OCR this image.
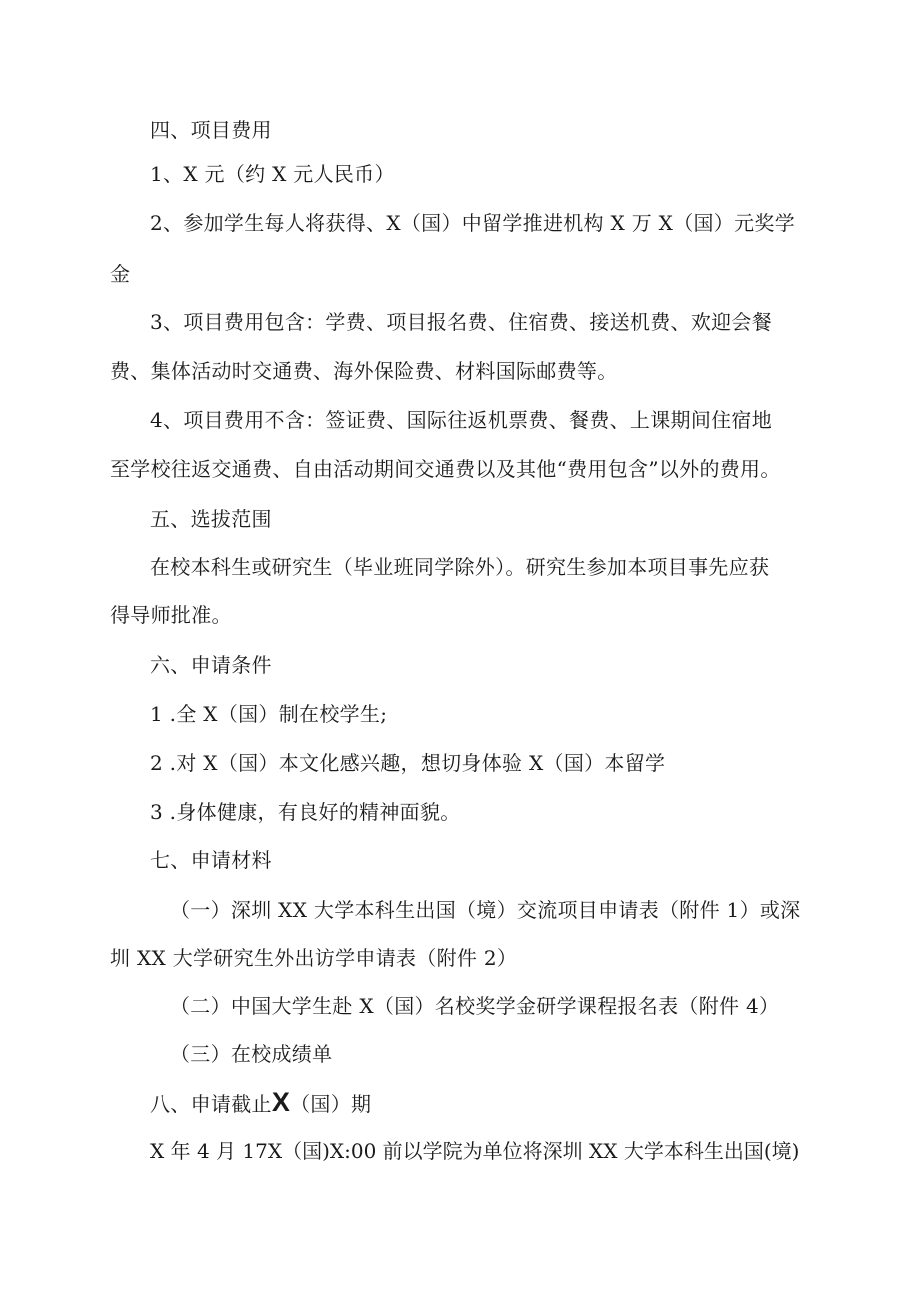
四、项目费用
1、X 元（约 X 元人民币）
2、参加学生每人将获得、X（国）中留学推进机构 X 万 X（国）元奖学
金
3、项目费用包含：学费、项目报名费、住宿费、接送机费、欢迎会餐
费、集体活动时交通费、海外保险费、材料国际邮费等。
4、项目费用不含：签证费、国际往返机票费、餐费、上课期间住宿地
至学校往返交通费、自由活动期间交通费以及其他“费用包含”以外的费用。
五、选拔范围
在校本科生或研究生（毕业班同学除外）。研究生参加本项目事先应获
得导师批准。
六、申请条件
1 .全 X（国）制在校学生;
2 .对 X（国）本文化感兴趣，想切身体验 X（国）本留学
3 .身体健康，有良好的精神面貌。
七、申请材料
（一）深圳 XX 大学本科生出国（境）交流项目申请表（附件 1）或深
圳 XX 大学研究生外出访学申请表（附件 2）
（二）中国大学生赴 X（国）名校奖学金研学课程报名表（附件 4）
（三）在校成绩单
八、申请截止X（国）期
X 年 4 月 17X（国)X:00 前以学院为单位将深圳 XX 大学本科生出国(境)
